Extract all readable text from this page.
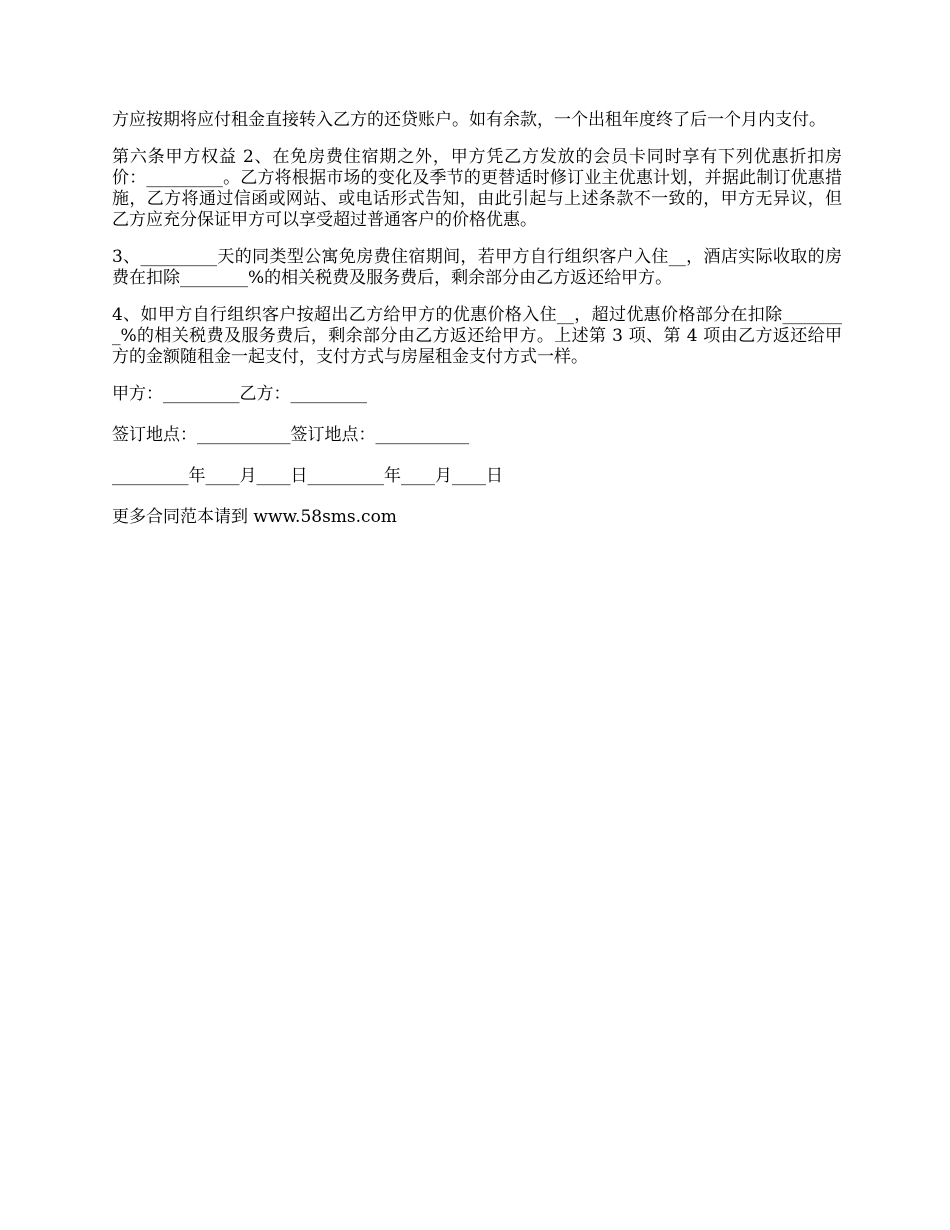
方应按期将应付租金直接转入乙方的还贷账户。如有余款，一个出租年度终了后一个月内支付。

第六条甲方权益 2、在免房费住宿期之外，甲方凭乙方发放的会员卡同时享有下列优惠折扣房价：_________。乙方将根据市场的变化及季节的更替适时修订业主优惠计划，并据此制订优惠措施，乙方将通过信函或网站、或电话形式告知，由此引起与上述条款不一致的，甲方无异议，但乙方应充分保证甲方可以享受超过普通客户的价格优惠。

3、_________天的同类型公寓免房费住宿期间，若甲方自行组织客户入住__，酒店实际收取的房费在扣除________%的相关税费及服务费后，剩余部分由乙方返还给甲方。

4、如甲方自行组织客户按超出乙方给甲方的优惠价格入住__，超过优惠价格部分在扣除________%的相关税费及服务费后，剩余部分由乙方返还给甲方。上述第 3 项、第 4 项由乙方返还给甲方的金额随租金一起支付，支付方式与房屋租金支付方式一样。

甲方：_________乙方：_________

签订地点：___________签订地点：___________

_________年____月____日_________年____月____日

更多合同范本请到 www.58sms.com
